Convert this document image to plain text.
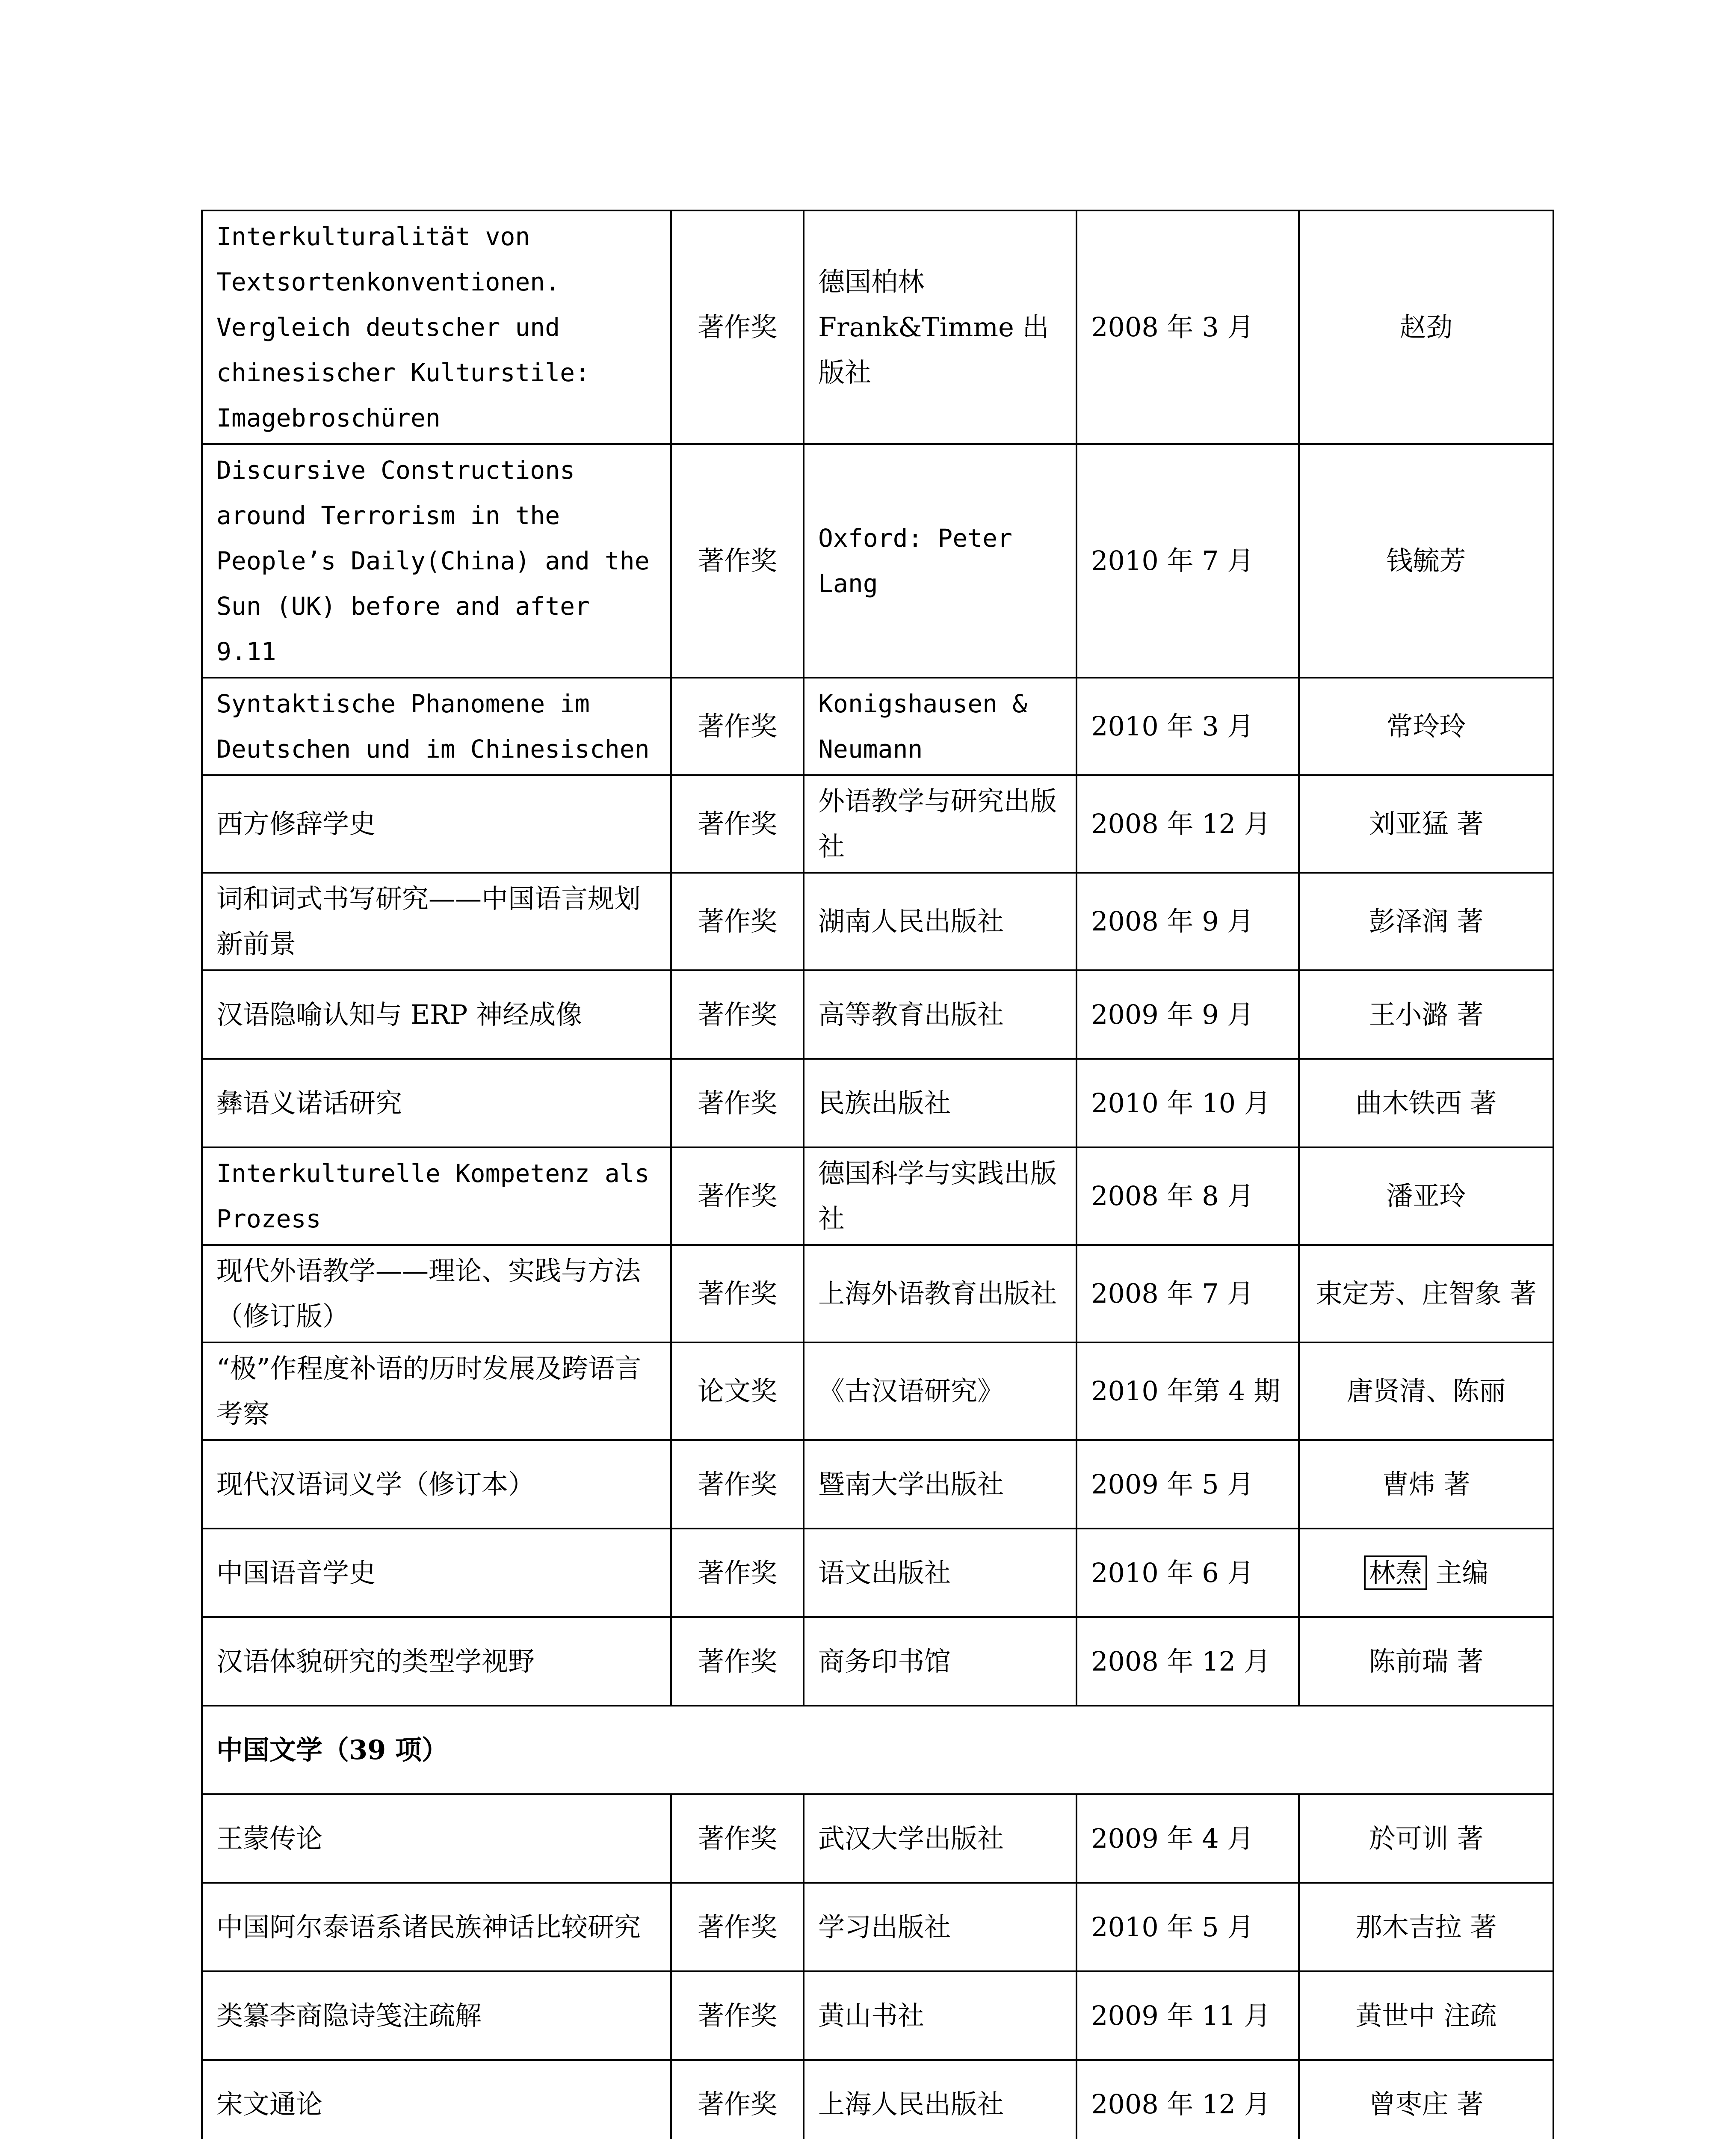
Interkulturalität von Textsortenkonventionen. Vergleich deutscher und chinesischer Kulturstile: Imagebroschüren	著作奖	德国柏林 Frank&Timme 出版社	2008 年 3 月	赵劲
Discursive Constructions around Terrorism in the People’s Daily(China) and the Sun (UK) before and after 9.11	著作奖	Oxford: Peter Lang	2010 年 7 月	钱毓芳
Syntaktische Phanomene im Deutschen und im Chinesischen	著作奖	Konigshausen & Neumann	2010 年 3 月	常玲玲
西方修辞学史	著作奖	外语教学与研究出版社	2008 年 12 月	刘亚猛 著
词和词式书写研究——中国语言规划新前景	著作奖	湖南人民出版社	2008 年 9 月	彭泽润 著
汉语隐喻认知与 ERP 神经成像	著作奖	高等教育出版社	2009 年 9 月	王小潞 著
彝语义诺话研究	著作奖	民族出版社	2010 年 10 月	曲木铁西 著
Interkulturelle Kompetenz als Prozess	著作奖	德国科学与实践出版社	2008 年 8 月	潘亚玲
现代外语教学——理论、实践与方法（修订版）	著作奖	上海外语教育出版社	2008 年 7 月	束定芳、庄智象 著
“极”作程度补语的历时发展及跨语言考察	论文奖	《古汉语研究》	2010 年第 4 期	唐贤清、陈丽
现代汉语词义学（修订本）	著作奖	暨南大学出版社	2009 年 5 月	曹炜 著
中国语音学史	著作奖	语文出版社	2010 年 6 月	林焘 主编
汉语体貌研究的类型学视野	著作奖	商务印书馆	2008 年 12 月	陈前瑞 著
中国文学（39 项）				
王蒙传论	著作奖	武汉大学出版社	2009 年 4 月	於可训 著
中国阿尔泰语系诸民族神话比较研究	著作奖	学习出版社	2010 年 5 月	那木吉拉 著
类纂李商隐诗笺注疏解	著作奖	黄山书社	2009 年 11 月	黄世中 注疏
宋文通论	著作奖	上海人民出版社	2008 年 12 月	曾枣庄 著
